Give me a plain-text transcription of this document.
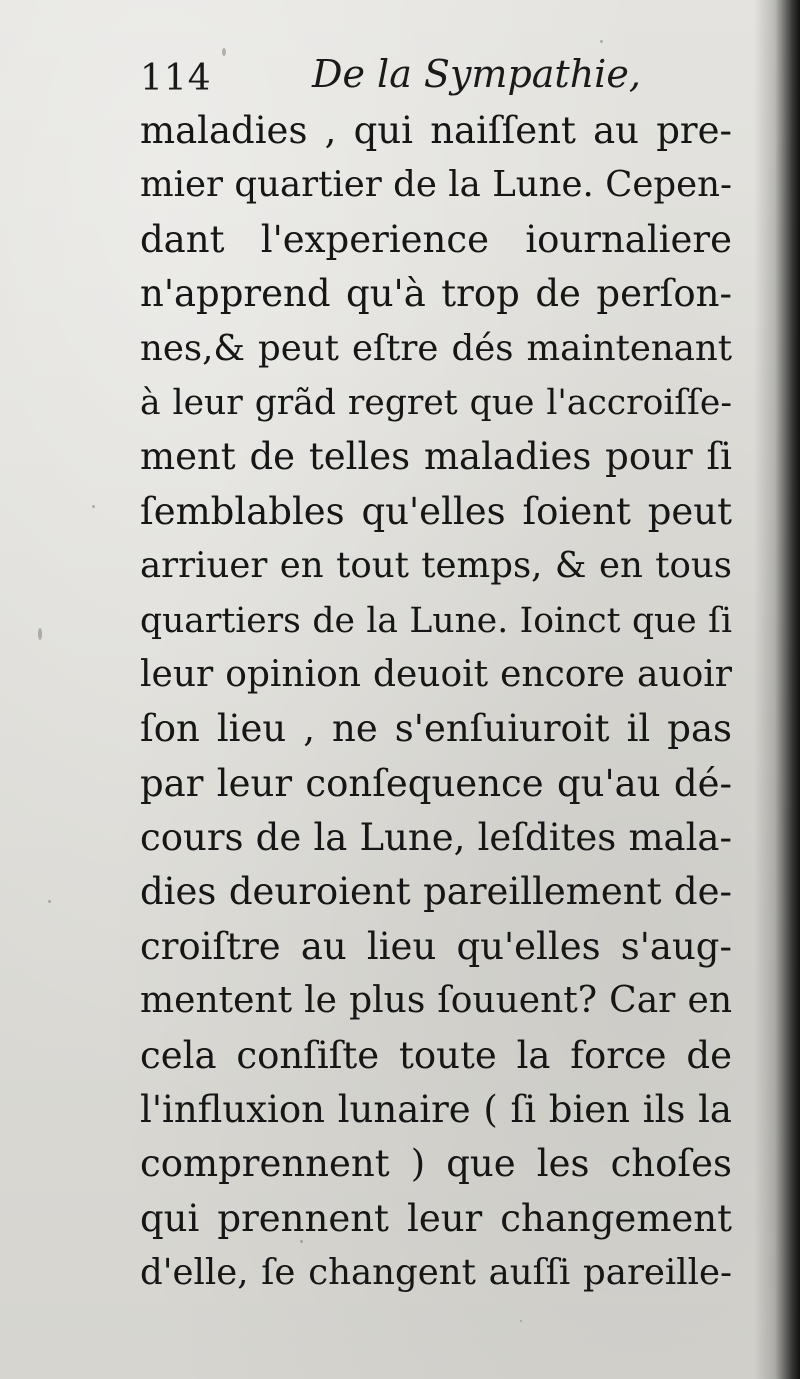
114	De la Sympathie,
maladies , qui naiſſent au pre-
mier quartier de la Lune. Cepen-
dant l'experience iournaliere
n'apprend qu'à trop de perſon-
nes,& peut eſtre dés maintenant
à leur grãd regret que l'accroiſſe-
ment de telles maladies pour ſi
ſemblables qu'elles ſoient peut
arriuer en tout temps, & en tous
quartiers de la Lune. Ioinct que ſi
leur opinion deuoit encore auoir
ſon lieu , ne s'enſuiuroit il pas
par leur conſequence qu'au dé-
cours de la Lune, leſdites mala-
dies deuroient pareillement de-
croiſtre au lieu qu'elles s'aug-
mentent le plus ſouuent? Car en
cela conſiſte toute la force de
l'influxion lunaire ( ſi bien ils la
comprennent ) que les choſes
qui prennent leur changement
d'elle, ſe changent auſſi pareille-
